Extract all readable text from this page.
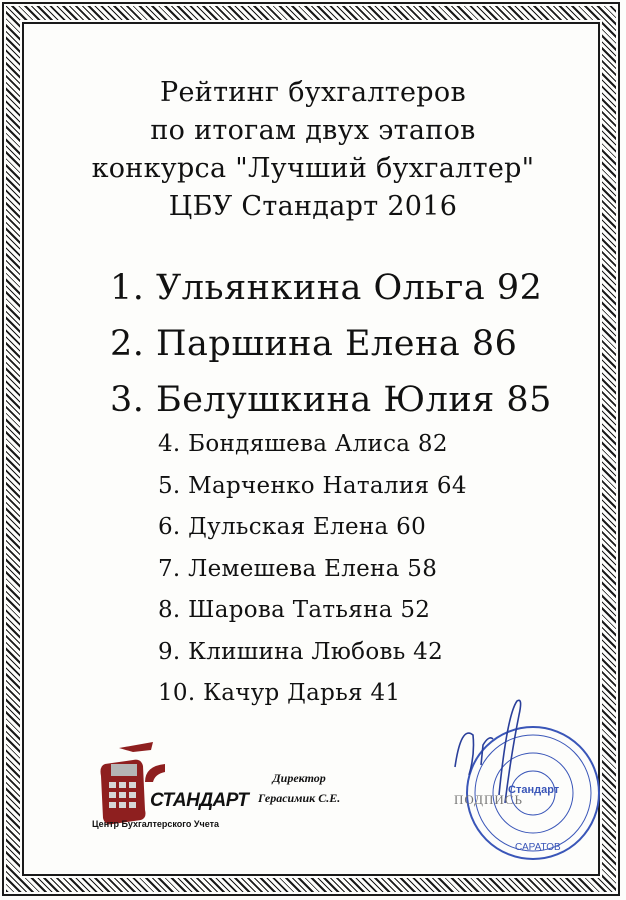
Рейтинг бухгалтеров
по итогам двух этапов
конкурса "Лучший бухгалтер"
ЦБУ Стандарт 2016
1. Ульянкина Ольга 92
2. Паршина Елена 86
3. Белушкина Юлия 85
4. Бондяшева Алиса 82
5. Марченко Наталия 64
6. Дульская Елена 60
7. Лемешева Елена 58
8. Шарова Татьяна 52
9. Клишина Любовь 42
10. Качур Дарья 41
СТАНДАРТ
Центр Бухгалтерского Учета
Директор
Герасимик С.Е.	ПОДПИСЬ
Стандарт
САРАТОВ
